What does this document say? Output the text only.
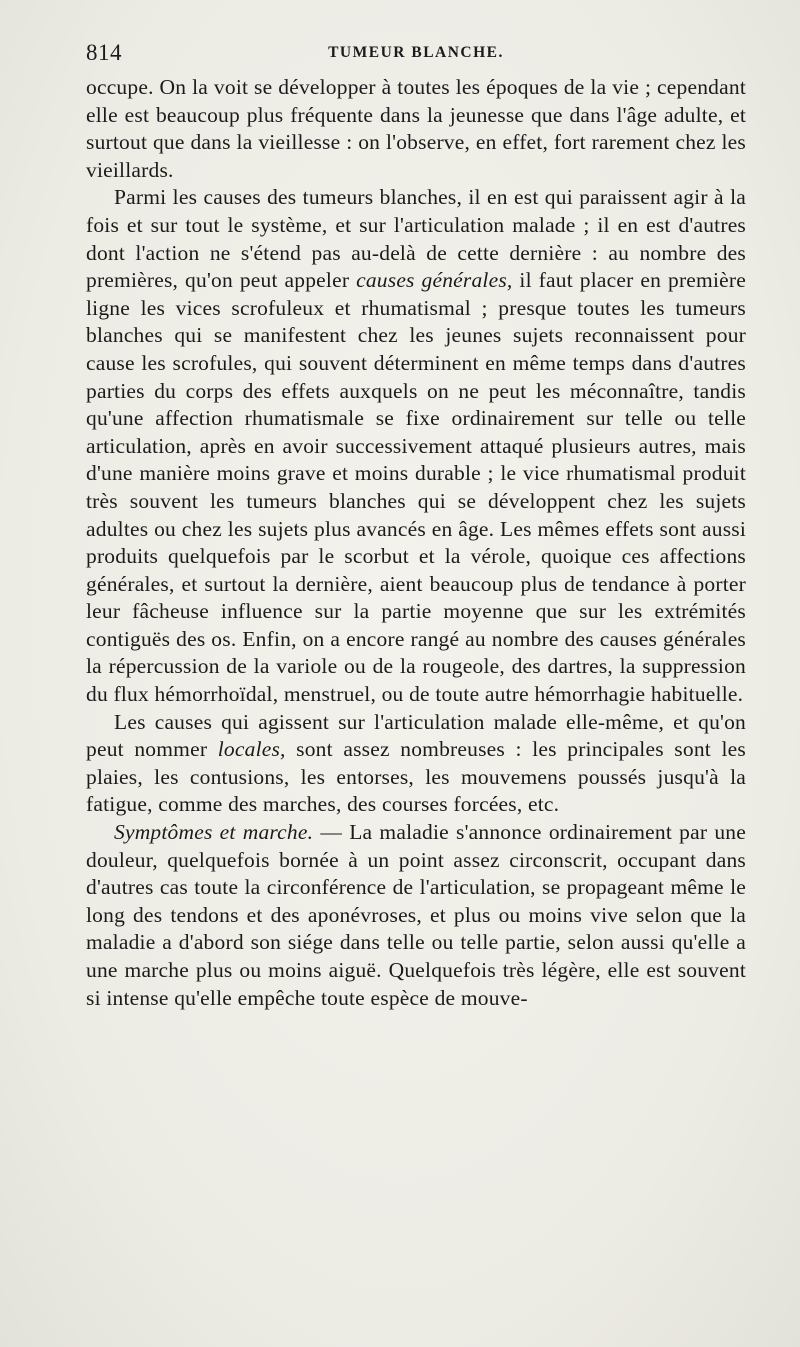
814	TUMEUR BLANCHE.

occupe. On la voit se développer à toutes les époques de la vie ; cependant elle est beaucoup plus fréquente dans la jeunesse que dans l'âge adulte, et surtout que dans la vieillesse : on l'observe, en effet, fort rarement chez les vieillards.

Parmi les causes des tumeurs blanches, il en est qui paraissent agir à la fois et sur tout le système, et sur l'articulation malade ; il en est d'autres dont l'action ne s'étend pas au-delà de cette dernière : au nombre des premières, qu'on peut appeler causes générales, il faut placer en première ligne les vices scrofuleux et rhumatismal ; presque toutes les tumeurs blanches qui se manifestent chez les jeunes sujets reconnaissent pour cause les scrofules, qui souvent déterminent en même temps dans d'autres parties du corps des effets auxquels on ne peut les méconnaître, tandis qu'une affection rhumatismale se fixe ordinairement sur telle ou telle articulation, après en avoir successivement attaqué plusieurs autres, mais d'une manière moins grave et moins durable ; le vice rhumatismal produit très souvent les tumeurs blanches qui se développent chez les sujets adultes ou chez les sujets plus avancés en âge. Les mêmes effets sont aussi produits quelquefois par le scorbut et la vérole, quoique ces affections générales, et surtout la dernière, aient beaucoup plus de tendance à porter leur fâcheuse influence sur la partie moyenne que sur les extrémités contiguës des os. Enfin, on a encore rangé au nombre des causes générales la répercussion de la variole ou de la rougeole, des dartres, la suppression du flux hémorrhoïdal, menstruel, ou de toute autre hémorrhagie habituelle.

Les causes qui agissent sur l'articulation malade elle-même, et qu'on peut nommer locales, sont assez nombreuses : les principales sont les plaies, les contusions, les entorses, les mouvemens poussés jusqu'à la fatigue, comme des marches, des courses forcées, etc.

Symptômes et marche. — La maladie s'annonce ordinairement par une douleur, quelquefois bornée à un point assez circonscrit, occupant dans d'autres cas toute la circonférence de l'articulation, se propageant même le long des tendons et des aponévroses, et plus ou moins vive selon que la maladie a d'abord son siége dans telle ou telle partie, selon aussi qu'elle a une marche plus ou moins aiguë. Quelquefois très légère, elle est souvent si intense qu'elle empêche toute espèce de mouve-
